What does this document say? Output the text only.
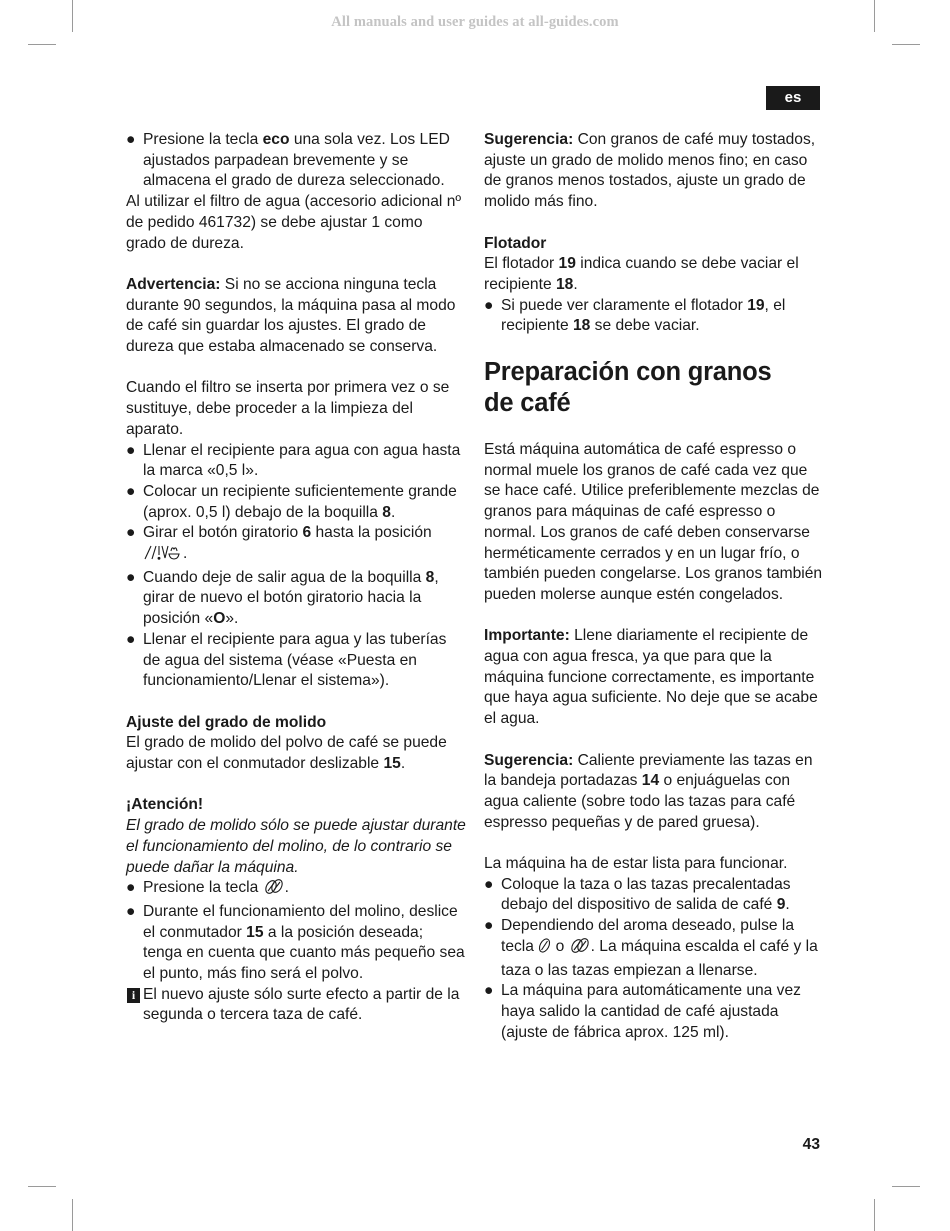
All manuals and user guides at all-guides.com
es
● Presione la tecla eco una sola vez. Los LED ajustados parpadean brevemente y se almacena el grado de dureza seleccionado.

Al utilizar el filtro de agua (accesorio adicional nº de pedido 461732) se debe ajustar 1 como grado de dureza.

Advertencia: Si no se acciona ninguna tecla durante 90 segundos, la máquina pasa al modo de café sin guardar los ajustes. El grado de dureza que estaba almacenado se conserva.

Cuando el filtro se inserta por primera vez o se sustituye, debe proceder a la limpieza del aparato.

● Llenar el recipiente para agua con agua hasta la marca «0,5 l».
● Colocar un recipiente suficientemente grande (aprox. 0,5 l) debajo de la boquilla 8.
● Girar el botón giratorio 6 hasta la posición .
● Cuando deje de salir agua de la boquilla 8, girar de nuevo el botón giratorio hacia la posición «O».
● Llenar el recipiente para agua y las tuberías de agua del sistema (véase «Puesta en funcionamiento/Llenar el sistema»).

Ajuste del grado de molido

El grado de molido del polvo de café se puede ajustar con el conmutador deslizable 15.

¡Atención!

El grado de molido sólo se puede ajustar durante el funcionamiento del molino, de lo contrario se puede dañar la máquina.

● Presione la tecla .
● Durante el funcionamiento del molino, deslice el conmutador 15 a la posición deseada; tenga en cuenta que cuanto más pequeño sea el punto, más fino será el polvo.
i El nuevo ajuste sólo surte efecto a partir de la segunda o tercera taza de café.

Sugerencia: Con granos de café muy tostados, ajuste un grado de molido menos fino; en caso de granos menos tostados, ajuste un grado de molido más fino.

Flotador

El flotador 19 indica cuando se debe vaciar el recipiente 18.

● Si puede ver claramente el flotador 19, el recipiente 18 se debe vaciar.
Preparación con granos
de café

Está máquina automática de café espresso o normal muele los granos de café cada vez que se hace café. Utilice preferiblemente mezclas de granos para máquinas de café espresso o normal. Los granos de café deben conservarse herméticamente cerrados y en un lugar frío, o también pueden congelarse. Los granos también pueden molerse aunque estén congelados.

Importante: Llene diariamente el recipiente de agua con agua fresca, ya que para que la máquina funcione correctamente, es importante que haya agua suficiente. No deje que se acabe el agua.

Sugerencia: Caliente previamente las tazas en la bandeja portadazas 14 o enjuáguelas con agua caliente (sobre todo las tazas para café espresso pequeñas y de pared gruesa).

La máquina ha de estar lista para funcionar.

● Coloque la taza o las tazas precalentadas debajo del dispositivo de salida de café 9.
● Dependiendo del aroma deseado, pulse la tecla  o . La máquina escalda el café y la taza o las tazas empiezan a llenarse.
● La máquina para automáticamente una vez haya salido la cantidad de café ajustada (ajuste de fábrica aprox. 125 ml).
43
